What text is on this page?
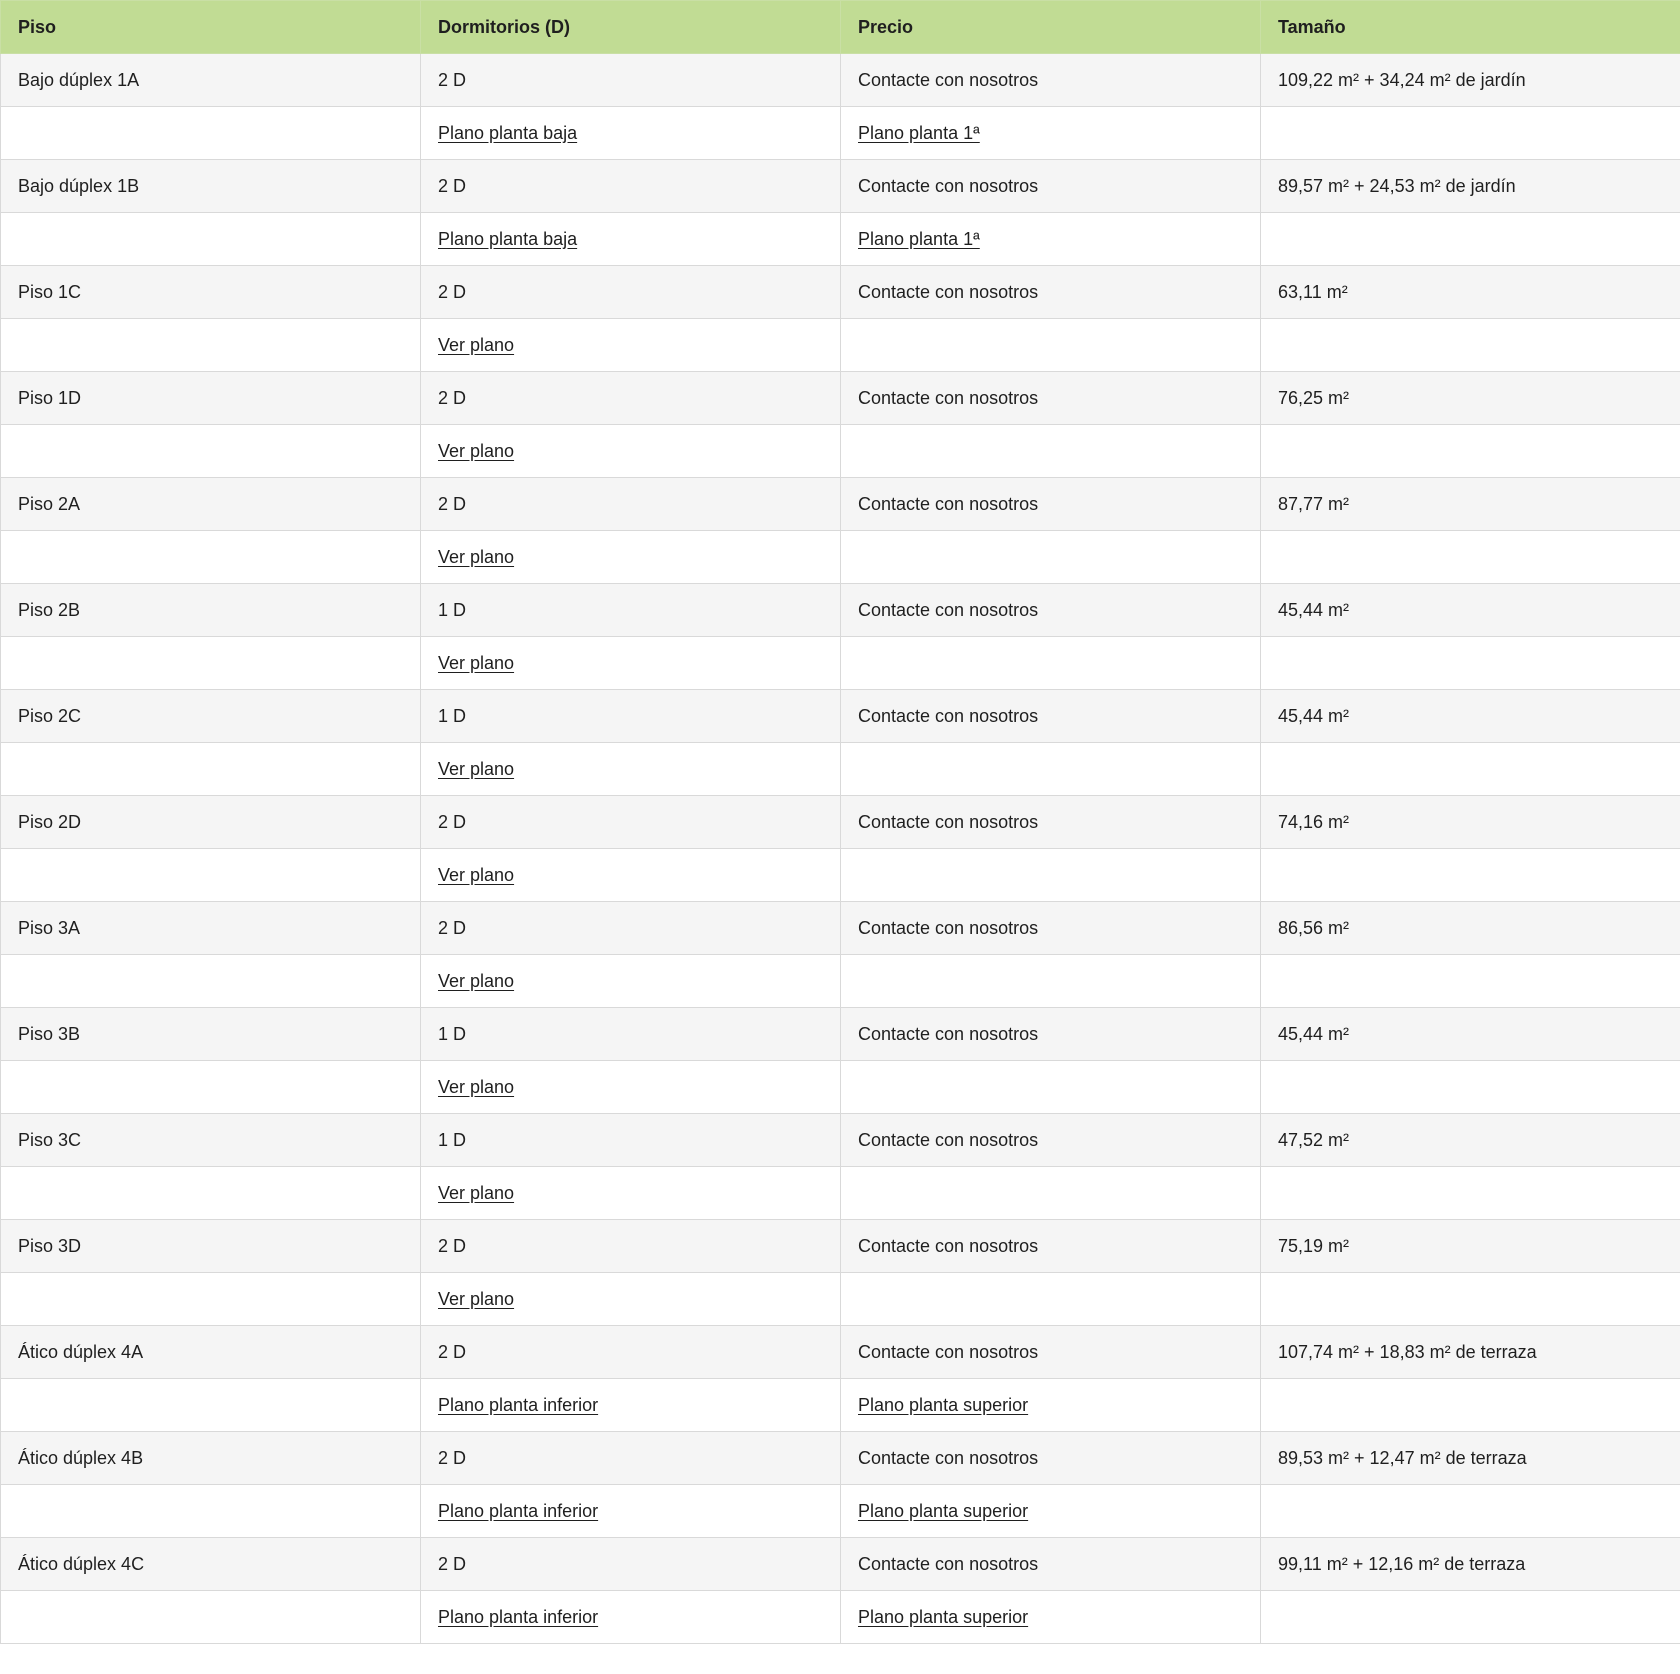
Piso	Dormitorios (D)	Precio	Tamaño
Bajo dúplex 1A	2 D	Contacte con nosotros	109,22 m² + 34,24 m² de jardín
	Plano planta baja	Plano planta 1ª	
Bajo dúplex 1B	2 D	Contacte con nosotros	89,57 m² + 24,53 m² de jardín
	Plano planta baja	Plano planta 1ª	
Piso 1C	2 D	Contacte con nosotros	63,11 m²
	Ver plano		
Piso 1D	2 D	Contacte con nosotros	76,25 m²
	Ver plano		
Piso 2A	2 D	Contacte con nosotros	87,77 m²
	Ver plano		
Piso 2B	1 D	Contacte con nosotros	45,44 m²
	Ver plano		
Piso 2C	1 D	Contacte con nosotros	45,44 m²
	Ver plano		
Piso 2D	2 D	Contacte con nosotros	74,16 m²
	Ver plano		
Piso 3A	2 D	Contacte con nosotros	86,56 m²
	Ver plano		
Piso 3B	1 D	Contacte con nosotros	45,44 m²
	Ver plano		
Piso 3C	1 D	Contacte con nosotros	47,52 m²
	Ver plano		
Piso 3D	2 D	Contacte con nosotros	75,19 m²
	Ver plano		
Ático dúplex 4A	2 D	Contacte con nosotros	107,74 m² + 18,83 m² de terraza
	Plano planta inferior	Plano planta superior	
Ático dúplex 4B	2 D	Contacte con nosotros	89,53 m² + 12,47 m² de terraza
	Plano planta inferior	Plano planta superior	
Ático dúplex 4C	2 D	Contacte con nosotros	99,11 m² + 12,16 m² de terraza
	Plano planta inferior	Plano planta superior	
